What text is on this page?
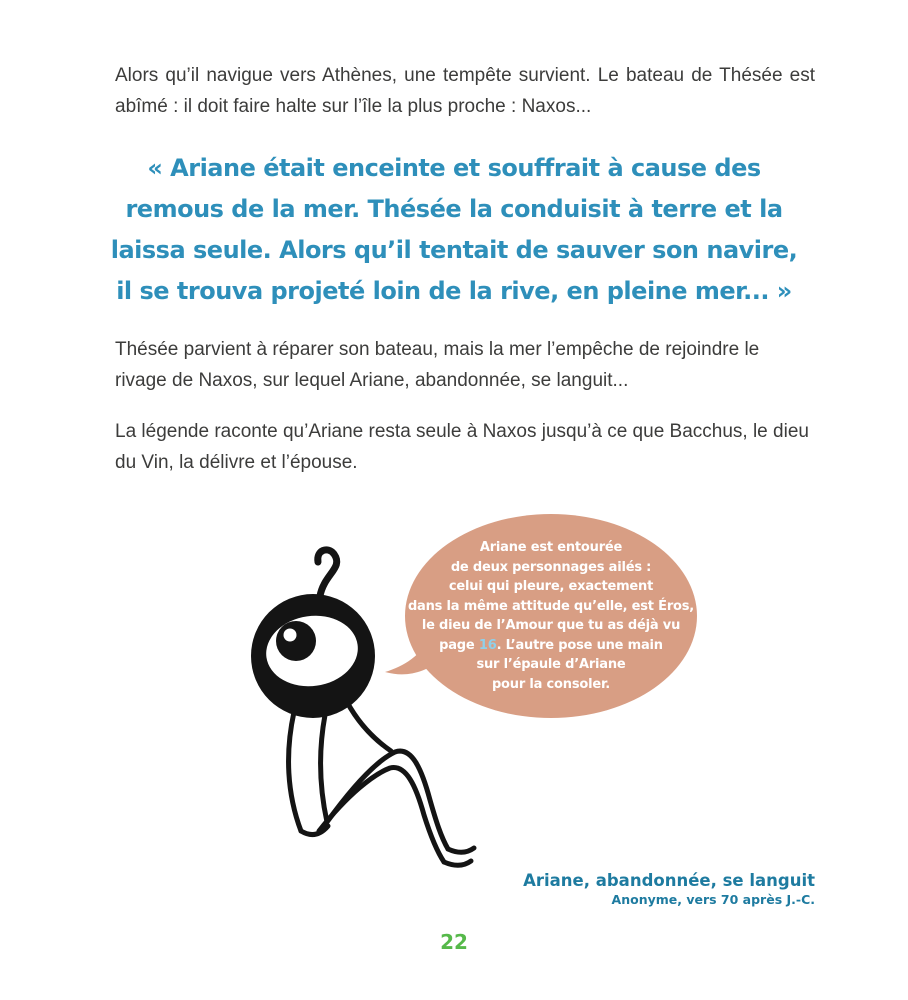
Alors qu’il navigue vers Athènes, une tempête survient. Le bateau de Thésée est abîmé : il doit faire halte sur l’île la plus proche : Naxos...

« Ariane était enceinte et souffrait à cause des
remous de la mer. Thésée la conduisit à terre et la
laissa seule. Alors qu’il tentait de sauver son navire,
il se trouva projeté loin de la rive, en pleine mer... »

Thésée parvient à réparer son bateau, mais la mer l’empêche de rejoindre le rivage de Naxos, sur lequel Ariane, abandonnée, se languit...

La légende raconte qu’Ariane resta seule à Naxos jusqu’à ce que Bacchus, le dieu du Vin, la délivre et l’épouse.

Ariane est entourée
de deux personnages ailés :
celui qui pleure, exactement
dans la même attitude qu’elle, est Éros,
le dieu de l’Amour que tu as déjà vu
page 16. L’autre pose une main
sur l’épaule d’Ariane
pour la consoler.
Ariane, abandonnée, se languit
Anonyme, vers 70 après J.-C.
22
